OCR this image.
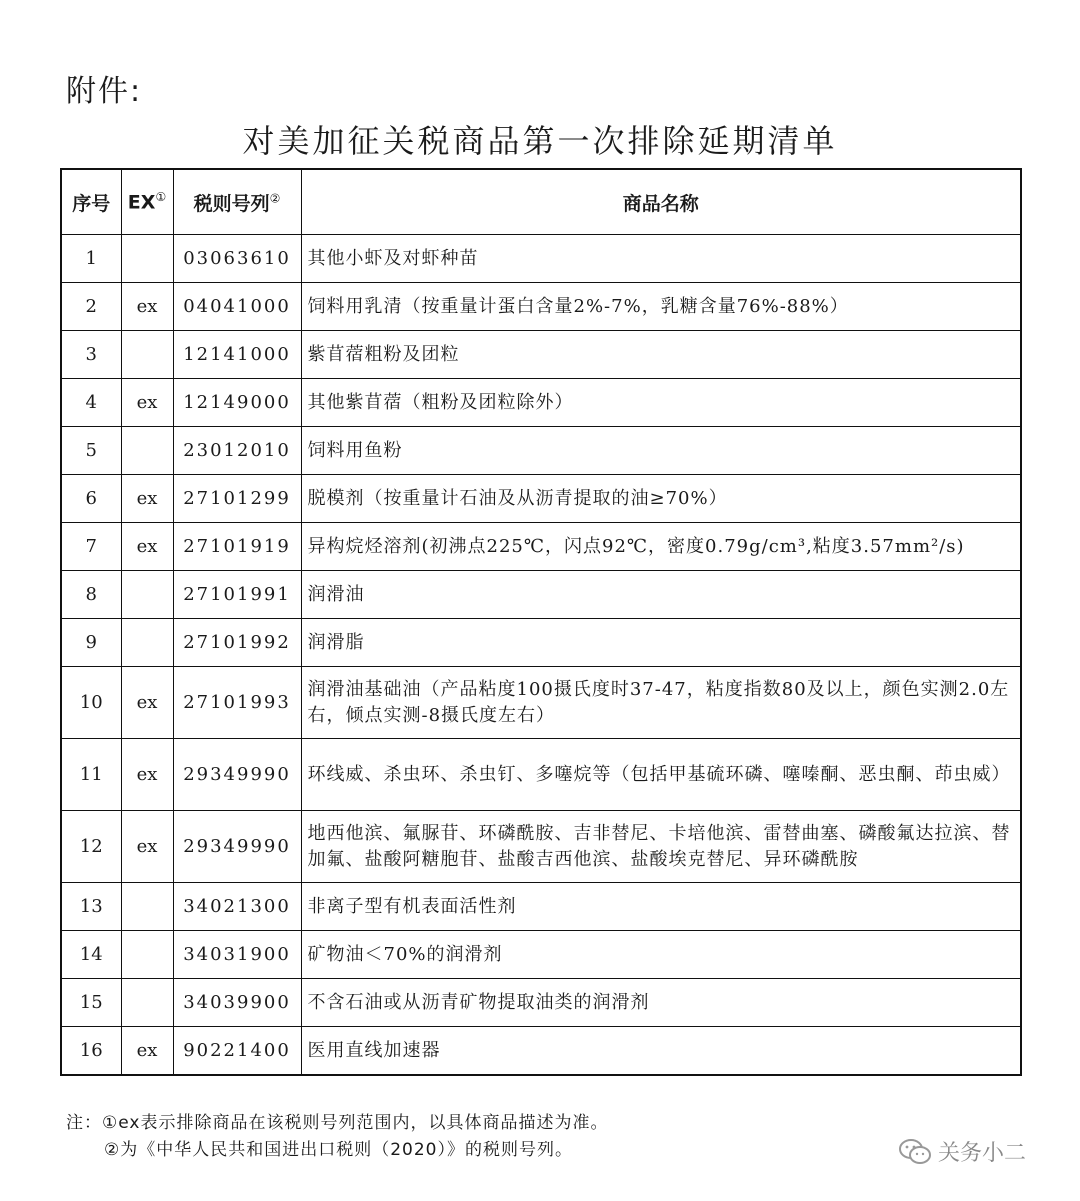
附件:
对美加征关税商品第一次排除延期清单
序号	EX①	税则号列②	商品名称
1		03063610	其他小虾及对虾种苗
2	ex	04041000	饲料用乳清（按重量计蛋白含量2%-7%，乳糖含量76%-88%）
3		12141000	紫苜蓿粗粉及团粒
4	ex	12149000	其他紫苜蓿（粗粉及团粒除外）
5		23012010	饲料用鱼粉
6	ex	27101299	脱模剂（按重量计石油及从沥青提取的油≥70%）
7	ex	27101919	异构烷烃溶剂(初沸点225℃，闪点92℃，密度0.79g/cm³,粘度3.57mm²/s)
8		27101991	润滑油
9		27101992	润滑脂
10	ex	27101993	润滑油基础油（产品粘度100摄氏度时37-47，粘度指数80及以上，颜色实测2.0左右，倾点实测-8摄氏度左右）
11	ex	29349990	环线威、杀虫环、杀虫钉、多噻烷等（包括甲基硫环磷、噻嗪酮、恶虫酮、茚虫威）
12	ex	29349990	地西他滨、氟脲苷、环磷酰胺、吉非替尼、卡培他滨、雷替曲塞、磷酸氟达拉滨、替加氟、盐酸阿糖胞苷、盐酸吉西他滨、盐酸埃克替尼、异环磷酰胺
13		34021300	非离子型有机表面活性剂
14		34031900	矿物油＜70%的润滑剂
15		34039900	不含石油或从沥青矿物提取油类的润滑剂
16	ex	90221400	医用直线加速器
注：①ex表示排除商品在该税则号列范围内，以具体商品描述为准。
②为《中华人民共和国进出口税则（2020）》的税则号列。	关务小二
